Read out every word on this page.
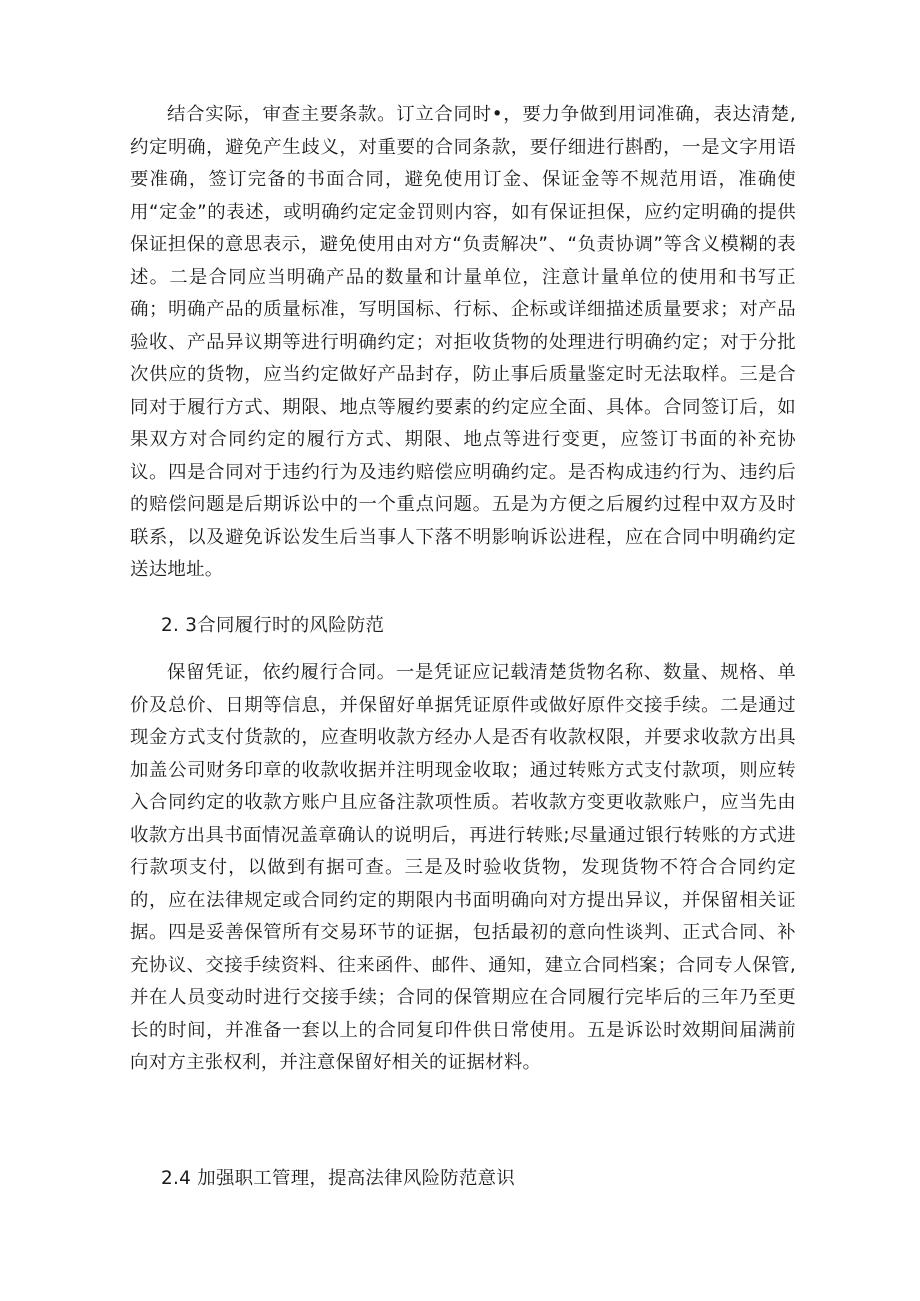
结合实际，审查主要条款。订立合同时•，要力争做到用词准确，表达清楚,约定明确，避免产生歧义，对重要的合同条款，要仔细进行斟酌，一是文字用语要准确，签订完备的书面合同，避免使用订金、保证金等不规范用语，准确使用“定金”的表述，或明确约定定金罚则内容，如有保证担保，应约定明确的提供保证担保的意思表示，避免使用由对方“负责解决”、“负责协调”等含义模糊的表述。二是合同应当明确产品的数量和计量单位，注意计量单位的使用和书写正确；明确产品的质量标准，写明国标、行标、企标或详细描述质量要求；对产品验收、产品异议期等进行明确约定；对拒收货物的处理进行明确约定；对于分批次供应的货物，应当约定做好产品封存，防止事后质量鉴定时无法取样。三是合同对于履行方式、期限、地点等履约要素的约定应全面、具体。合同签订后，如果双方对合同约定的履行方式、期限、地点等进行变更，应签订书面的补充协议。四是合同对于违约行为及违约赔偿应明确约定。是否构成违约行为、违约后的赔偿问题是后期诉讼中的一个重点问题。五是为方便之后履约过程中双方及时联系，以及避免诉讼发生后当事人下落不明影响诉讼进程，应在合同中明确约定送达地址。

2. 3合同履行时的风险防范

保留凭证，依约履行合同。一是凭证应记载清楚货物名称、数量、规格、单价及总价、日期等信息，并保留好单据凭证原件或做好原件交接手续。二是通过现金方式支付货款的，应查明收款方经办人是否有收款权限，并要求收款方出具加盖公司财务印章的收款收据并注明现金收取；通过转账方式支付款项，则应转入合同约定的收款方账户且应备注款项性质。若收款方变更收款账户，应当先由收款方出具书面情况盖章确认的说明后，再进行转账;尽量通过银行转账的方式进行款项支付，以做到有据可查。三是及时验收货物，发现货物不符合合同约定的，应在法律规定或合同约定的期限内书面明确向对方提出异议，并保留相关证据。四是妥善保管所有交易环节的证据，包括最初的意向性谈判、正式合同、补充协议、交接手续资料、往来函件、邮件、通知，建立合同档案；合同专人保管,并在人员变动时进行交接手续；合同的保管期应在合同履行完毕后的三年乃至更长的时间，并准备一套以上的合同复印件供日常使用。五是诉讼时效期间届满前向对方主张权利，并注意保留好相关的证据材料。

2.4 加强职工管理，提高法律风险防范意识
